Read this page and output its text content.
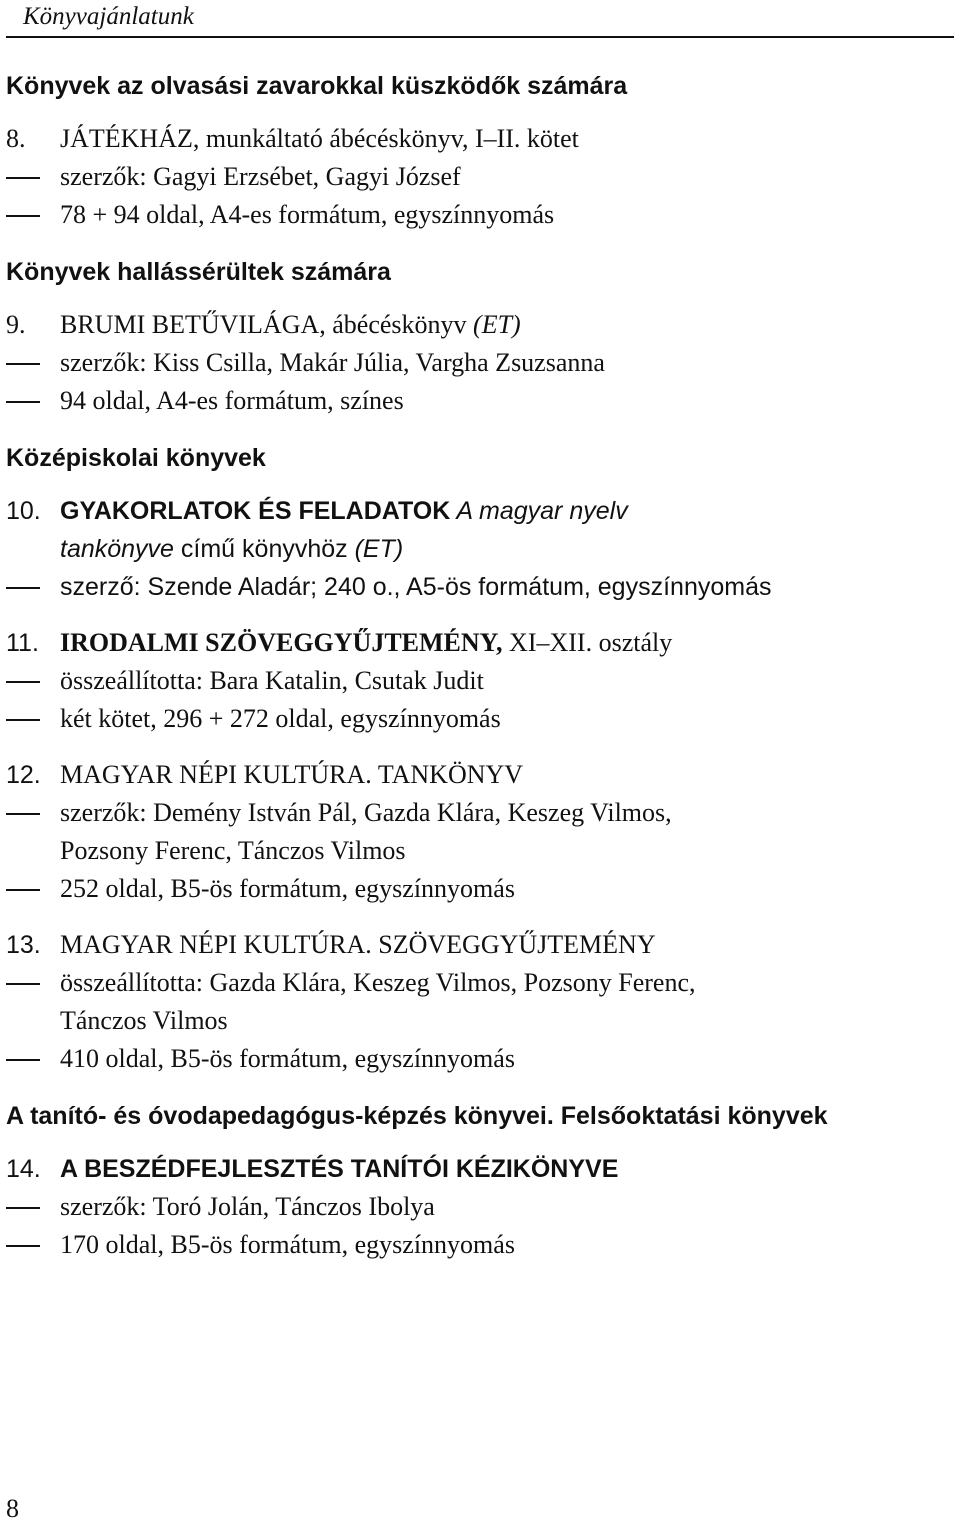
Könyvajánlatunk
Könyvek az olvasási zavarokkal küszködők számára
8.	JÁTÉKHÁZ, munkáltató ábécéskönyv, I–II. kötet
szerzők: Gagyi Erzsébet, Gagyi József
78 + 94 oldal, A4-es formátum, egyszínnyomás
Könyvek hallássérültek számára
9.	BRUMI BETŰVILÁGA, ábécéskönyv (ET)
szerzők: Kiss Csilla, Makár Júlia, Vargha Zsuzsanna
94 oldal, A4-es formátum, színes
Középiskolai könyvek
10. GYAKORLATOK ÉS FELADATOK A magyar nyelv
tankönyve című könyvhöz (ET)
szerző: Szende Aladár; 240 o., A5-ös formátum, egyszínnyomás
11. IRODALMI SZÖVEGGYŰJTEMÉNY, XI–XII. osztály
összeállította: Bara Katalin, Csutak Judit
két kötet, 296 + 272 oldal, egyszínnyomás
12. MAGYAR NÉPI KULTÚRA. TANKÖNYV
szerzők: Demény István Pál, Gazda Klára, Keszeg Vilmos,
Pozsony Ferenc, Tánczos Vilmos
252 oldal, B5-ös formátum, egyszínnyomás
13. MAGYAR NÉPI KULTÚRA. SZÖVEGGYŰJTEMÉNY
összeállította: Gazda Klára, Keszeg Vilmos, Pozsony Ferenc,
Tánczos Vilmos
410 oldal, B5-ös formátum, egyszínnyomás
A tanító- és óvodapedagógus-képzés könyvei. Felsőoktatási könyvek
14. A BESZÉDFEJLESZTÉS TANÍTÓI KÉZIKÖNYVE
szerzők: Toró Jolán, Tánczos Ibolya
170 oldal, B5-ös formátum, egyszínnyomás
8
